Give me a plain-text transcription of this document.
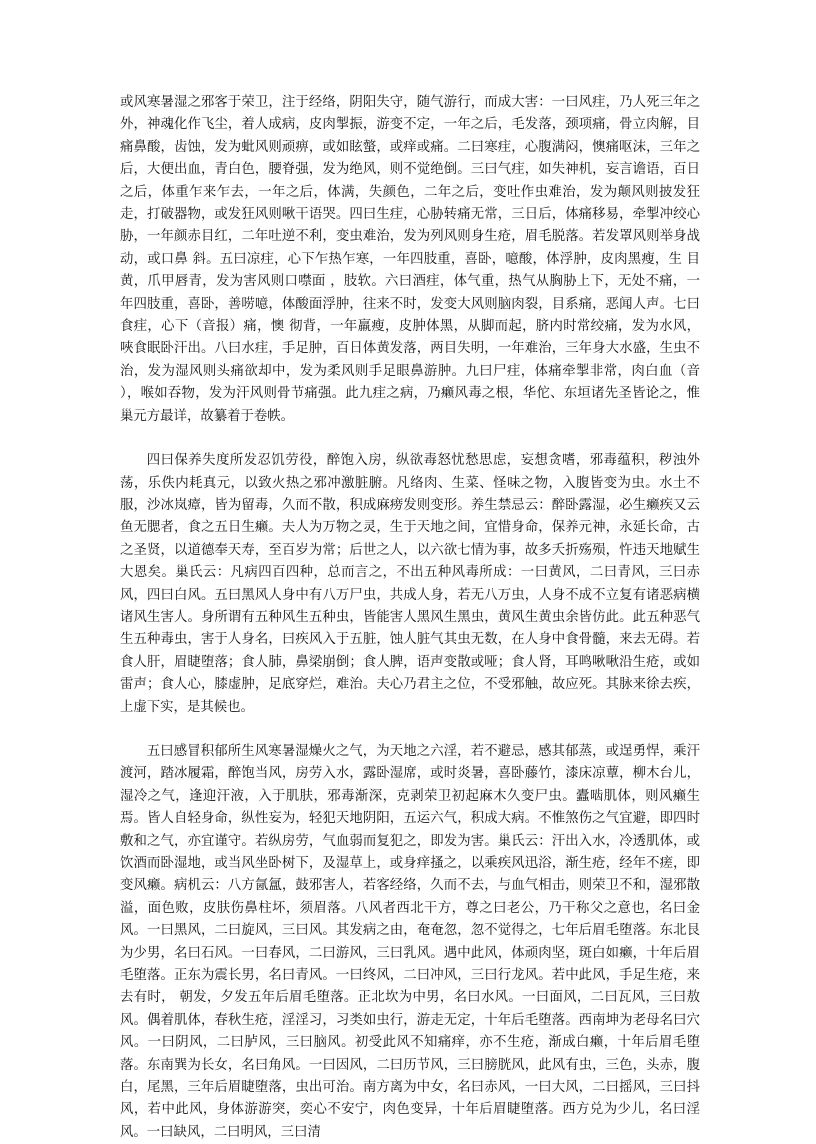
或风寒暑湿之邪客于荣卫，注于经络，阴阳失守，随气游行，而成大害：一曰风疰，乃人死三年之外，神魂化作飞尘，着人成病，皮肉掣振，游变不定，一年之后，毛发落，颈项痛，骨立肉解，目痛鼻酸，齿蚀，发为蚍风则顽痹，或如眩螫，或痒或痛。二曰寒疰，心腹满闷，懊痛呕沫，三年之后，大便出血，青白色，腰脊强，发为绝风，则不觉绝倒。三曰气疰，如失神机，妄言谵语，百日之后，体重乍来乍去，一年之后，体满，失颜色，二年之后，变吐作虫难治，发为颠风则披发狂走，打破器物，或发狂风则啾干语哭。四曰生疰，心胁转痛无常，三日后，体痛移易，牵掣冲绞心胁，一年颜赤目红，二年吐逆不利，变虫难治，发为列风则身生疮，眉毛脱落。若发罩风则举身战动，或口鼻 斜。五曰凉疰，心下乍热乍寒，一年四肢重，喜卧，噫酸，体浮肿，皮肉黑瘦，生 目黄，爪甲唇青，发为害风则口噤面 ，肢软。六曰酒疰，体气重，热气从胸胁上下，无处不痛，一年四肢重，喜卧，善唠噫，体酸面浮肿，往来不时，发变大风则脑肉裂，目系痛，恶闻人声。七曰食疰，心下（音报）痛，懊 彻背，一年羸瘦，皮肿体黑，从脚而起，脐内时常绞痛，发为水风，唊食眠卧汗出。八曰水疰，手足肿，百日体黄发落，两目失明，一年难治，三年身大水盛，生虫不治，发为湿风则头痛欲却中，发为柔风则手足眼鼻游肿。九曰尸疰，体痛牵掣非常，肉白血（音 ），喉如吞物，发为汗风则骨节痛强。此九疰之病，乃癞风毒之根，华佗、东垣诸先圣皆论之，惟巢元方最详，故纂着于卷帙。

四曰保养失度所发忍饥劳役，醉饱入房，纵欲毒怒忧愁思虑，妄想贪嗜，邪毒蕴积，秽浊外荡，乐佚内耗真元，以致火热之邪冲激脏腑。凡络肉、生菜、怪味之物，入腹皆变为虫。水土不服，沙冰岚瘴，皆为留毒，久而不散，积成麻痨发则变形。养生禁忌云：醉卧露湿，必生癞疾又云鱼无腮者，食之五日生癞。夫人为万物之灵，生于天地之间，宜惜身命，保养元神，永延长命，古之圣贤，以道德奉天寿，至百岁为常；后世之人，以六欲七情为事，故多夭折殇殒，忤违天地赋生大恩矣。巢氏云：凡病四百四种，总而言之，不出五种风毒所成：一曰黄风，二曰青风，三曰赤风，四曰白风。五曰黑风人身中有八万尸虫，共成人身，若无八万虫，人身不成不立复有诸恶病横诸风生害人。身所谓有五种风生五种虫，皆能害人黑风生黑虫，黄风生黄虫余皆仿此。此五种恶气生五种毒虫，害于人身名，曰疾风入于五脏，蚀人脏气其虫无数，在人身中食骨髓，来去无碍。若食人肝，眉睫堕落；食人肺，鼻梁崩倒；食人脾，语声变散或哑；食人肾，耳鸣啾啾沿生疮，或如雷声；食人心，膝虚肿，足底穿烂，难治。夫心乃君主之位，不受邪触，故应死。其脉来徐去疾，上虚下实，是其候也。

五曰感冒积郁所生风寒暑湿燥火之气，为天地之六淫，若不避忌，感其郁蒸，或逞勇悍，乘汗渡河，踏冰履霜，醉饱当风，房劳入水，露卧湿席，或时炎暑，喜卧藤竹，漆床凉蕈，柳木台儿，湿冷之气，逢迎汗液，入于肌肤，邪毒渐深，克剥荣卫初起麻木久变尸虫。蠹啮肌体，则风癞生焉。皆人自轻身命，纵性妄为，轻犯天地阴阳，五运六气，积成大病。不惟煞伤之气宜避，即四时敷和之气，亦宜谨守。若纵房劳，气血弱而复犯之，即发为害。巢氏云：汗出入水，冷透肌体，或饮酒而卧湿地，或当风坐卧树下，及湿草上，或身痒搔之，以乘疾风迅浴，渐生疮，经年不瘥，即变风癞。病机云：八方氤氲，鼓邪害人，若客经络，久而不去，与血气相击，则荣卫不和，湿邪散溢，面色败，皮肤伤鼻柱坏，须眉落。八风者西北干方，尊之曰老公，乃干称父之意也，名曰金风。一曰黑风，二曰旋风，三曰风。其发病之由，奄奄忽，忽不觉得之，七年后眉毛堕落。东北艮为少男，名曰石风。一曰春风，二曰游风，三曰乳风。遇中此风，体顽肉坚，斑白如癞，十年后眉毛堕落。正东为震长男，名曰青风。一曰终风，二曰冲风，三曰行龙风。若中此风，手足生疮，来去有时， 朝发，夕发五年后眉毛堕落。正北坎为中男，名曰水风。一曰面风，二曰瓦风，三曰敖风。偶着肌体，春秋生疮，淫淫习，习类如虫行，游走无定，十年后毛堕落。西南坤为老母名曰穴风。一曰阴风，二曰胪风，三曰脑风。初受此风不知痛痒，亦不生疮，渐成白癞，十年后眉毛堕落。东南巽为长女，名曰角风。一曰因风，二曰历节风，三曰膀胱风，此风有虫，三色，头赤，腹白，尾黑，三年后眉睫堕落，虫出可治。南方离为中女，名曰赤风，一曰大风，二曰摇风，三曰抖风，若中此风，身体游游突，奕心不安宁，肉色变异，十年后眉睫堕落。西方兑为少儿，名曰淫风。一曰缺风，二曰明风，三曰清
